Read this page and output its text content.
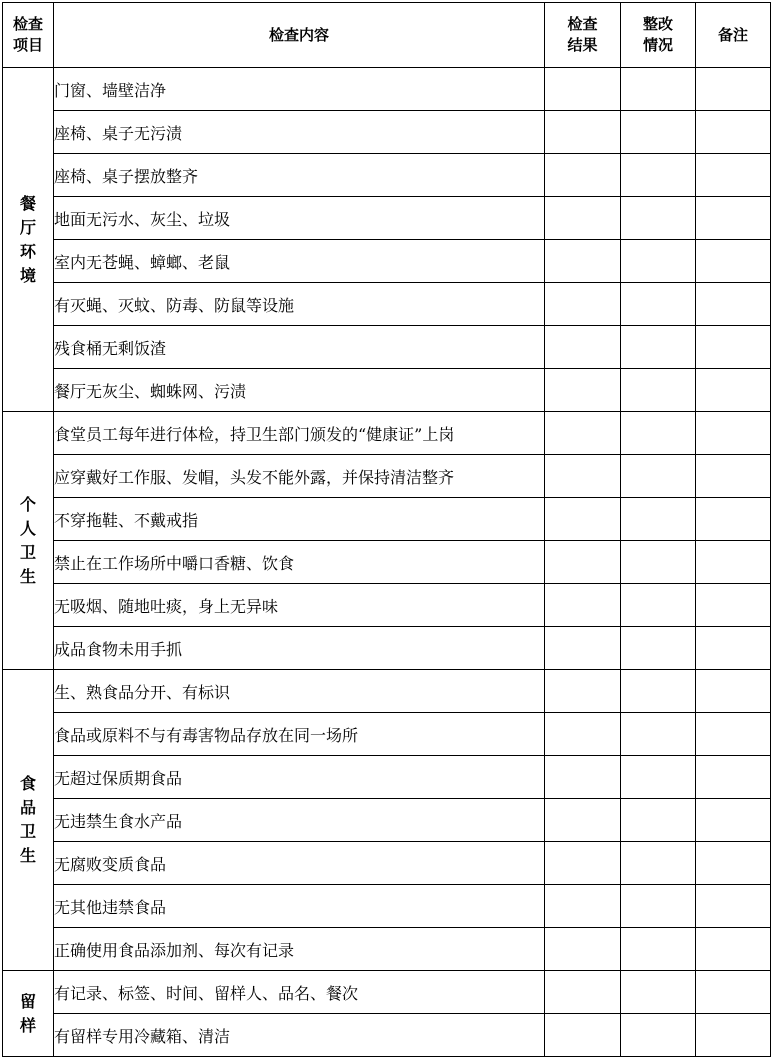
检查项目	检查内容	检查结果	整改情况	备注

餐厅环境	门窗、墙壁洁净			
	座椅、桌子无污渍			
	座椅、桌子摆放整齐			
	地面无污水、灰尘、垃圾			
	室内无苍蝇、蟑螂、老鼠			
	有灭蝇、灭蚊、防毒、防鼠等设施			
	残食桶无剩饭渣			
	餐厅无灰尘、蜘蛛网、污渍			

个人卫生	食堂员工每年进行体检，持卫生部门颁发的“健康证”上岗			
	应穿戴好工作服、发帽，头发不能外露，并保持清洁整齐			
	不穿拖鞋、不戴戒指			
	禁止在工作场所中嚼口香糖、饮食			
	无吸烟、随地吐痰，身上无异味			
	成品食物未用手抓			

食品卫生	生、熟食品分开、有标识			
	食品或原料不与有毒害物品存放在同一场所			
	无超过保质期食品			
	无违禁生食水产品			
	无腐败变质食品			
	无其他违禁食品			
	正确使用食品添加剂、每次有记录			

留样	有记录、标签、时间、留样人、品名、餐次			
	有留样专用冷藏箱、清洁			
